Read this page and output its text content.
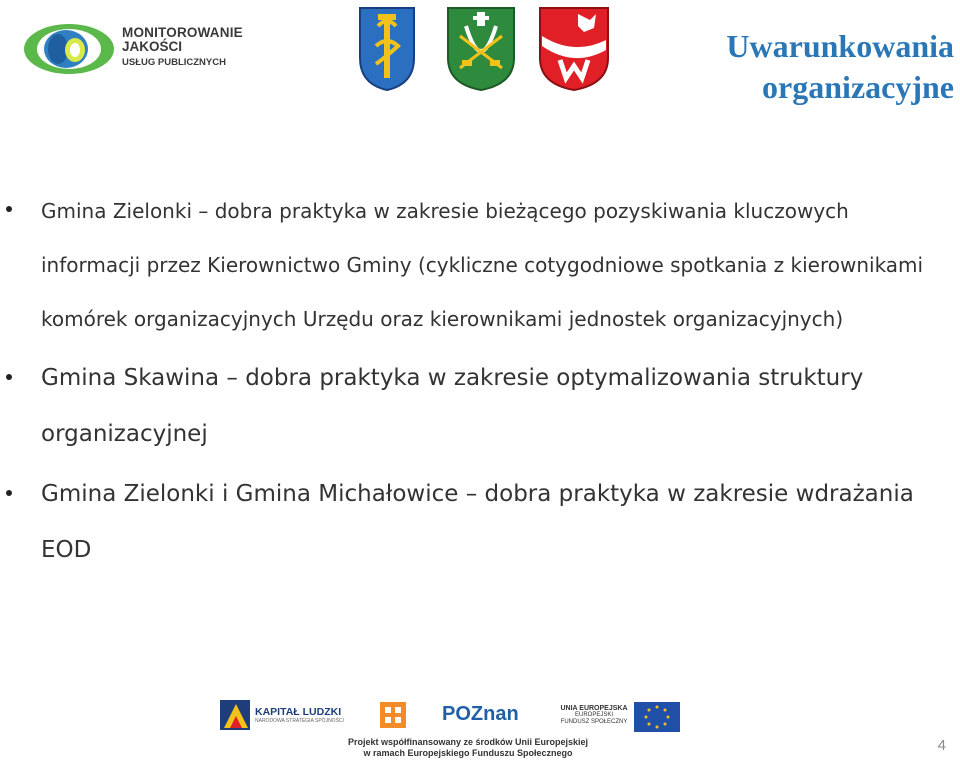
MONITOROWANIE
JAKOŚCI
USŁUG PUBLICZNYCH	Uwarunkowania
organizacyjne
Gmina Zielonki – dobra praktyka w zakresie bieżącego pozyskiwania kluczowych informacji przez Kierownictwo Gminy (cykliczne cotygodniowe spotkania z kierownikami komórek organizacyjnych Urzędu oraz kierownikami jednostek organizacyjnych)
Gmina Skawina – dobra praktyka w zakresie optymalizowania struktury organizacyjnej
Gmina Zielonki i Gmina Michałowice – dobra praktyka w zakresie wdrażania EOD
KAPITAŁ LUDZKI
NARODOWA STRATEGIA SPÓJNOŚCI	POZnan	UNIA EUROPEJSKA
EUROPEJSKI
FUNDUSZ SPOŁECZNY
Projekt współfinansowany ze środków Unii Europejskiej
w ramach Europejskiego Funduszu Społecznego	4
